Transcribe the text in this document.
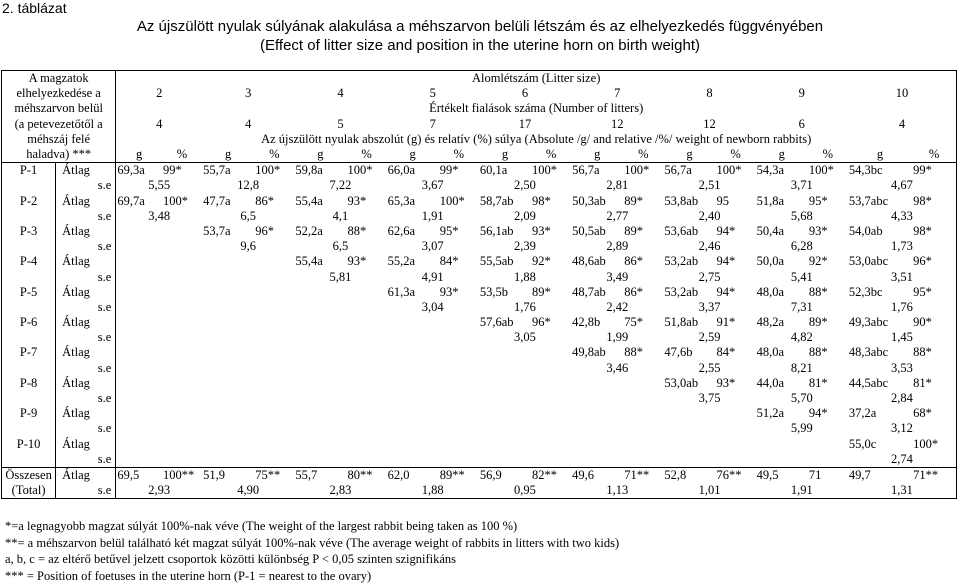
2. táblázat
Az újszülött nyulak súlyának alakulása a méhszarvon belüli létszám és az elhelyezkedés függvényében
(Effect of litter size and position in the uterine horn on birth weight)
A magzatok		Alomlétszám (Litter size)																	
elhelyezkedése a		2		3		4		5		6		7		8		9		10	
méhszarvon belül		Értékelt fialások száma (Number of litters)																	
(a petevezetőtől a		4		4		5		7		17		12		12		6		4	
méhszáj felé		Az újszülött nyulak abszolút (g) és relatív (%) súlya (Absolute /g/ and relative /%/ weight of newborn rabbits)																	
haladva) ***		g	%	g	%	g	%	g	%	g	%	g	%	g	%	g	%	g	%
P-1	Átlag	69,3a	99*	55,7a	100*	59,8a	100*	66,0a	99*	60,1a	100*	56,7a	100*	56,7a	100*	54,3a	100*	54,3bc	99*
	s.e	5,55		12,8		7,22		3,67		2,50		2,81		2,51		3,71		4,67	
P-2	Átlag	69,7a	100*	47,7a	86*	55,4a	93*	65,3a	100*	58,7ab	98*	50,3ab	89*	53,8ab	95	51,8a	95*	53,7abc	98*
	s.e	3,48		6,5		4,1		1,91		2,09		2,77		2,40		5,68		4,33	
P-3	Átlag			53,7a	96*	52,2a	88*	62,6a	95*	56,1ab	93*	50,5ab	89*	53,6ab	94*	50,4a	93*	54,0ab	98*
	s.e			9,6		6,5		3,07		2,39		2,89		2,46		6,28		1,73	
P-4	Átlag					55,4a	93*	55,2a	84*	55,5ab	92*	48,6ab	86*	53,2ab	94*	50,0a	92*	53,0abc	96*
	s.e					5,81		4,91		1,88		3,49		2,75		5,41		3,51	
P-5	Átlag							61,3a	93*	53,5b	89*	48,7ab	86*	53,2ab	94*	48,0a	88*	52,3bc	95*
	s.e							3,04		1,76		2,42		3,37		7,31		1,76	
P-6	Átlag									57,6ab	96*	42,8b	75*	51,8ab	91*	48,2a	89*	49,3abc	90*
	s.e									3,05		1,99		2,59		4,82		1,45	
P-7	Átlag											49,8ab	88*	47,6b	84*	48,0a	88*	48,3abc	88*
	s.e											3,46		2,55		8,21		3,53	
P-8	Átlag													53,0ab	93*	44,0a	81*	44,5abc	81*
	s.e													3,75		5,70		2,84	
P-9	Átlag															51,2a	94*	37,2a	68*
	s.e															5,99		3,12	
P-10	Átlag																	55,0c	100*
	s.e																	2,74	
Összesen	Átlag	69,5	100**	51,9	75**	55,7	80**	62,0	89**	56,9	82**	49,6	71**	52,8	76**	49,5	71	49,7	71**
(Total)	s.e	2,93		4,90		2,83		1,88		0,95		1,13		1,01		1,91		1,31	
*=a legnagyobb magzat súlyát 100%-nak véve (The weight of the largest rabbit being taken as 100 %)
**= a méhszarvon belül található két magzat súlyát 100%-nak véve (The average weight of rabbits in litters with two kids)
a, b, c = az eltérő betűvel jelzett csoportok közötti különbség P < 0,05 szinten szignifikáns
*** = Position of foetuses in the uterine horn (P-1 = nearest to the ovary)
